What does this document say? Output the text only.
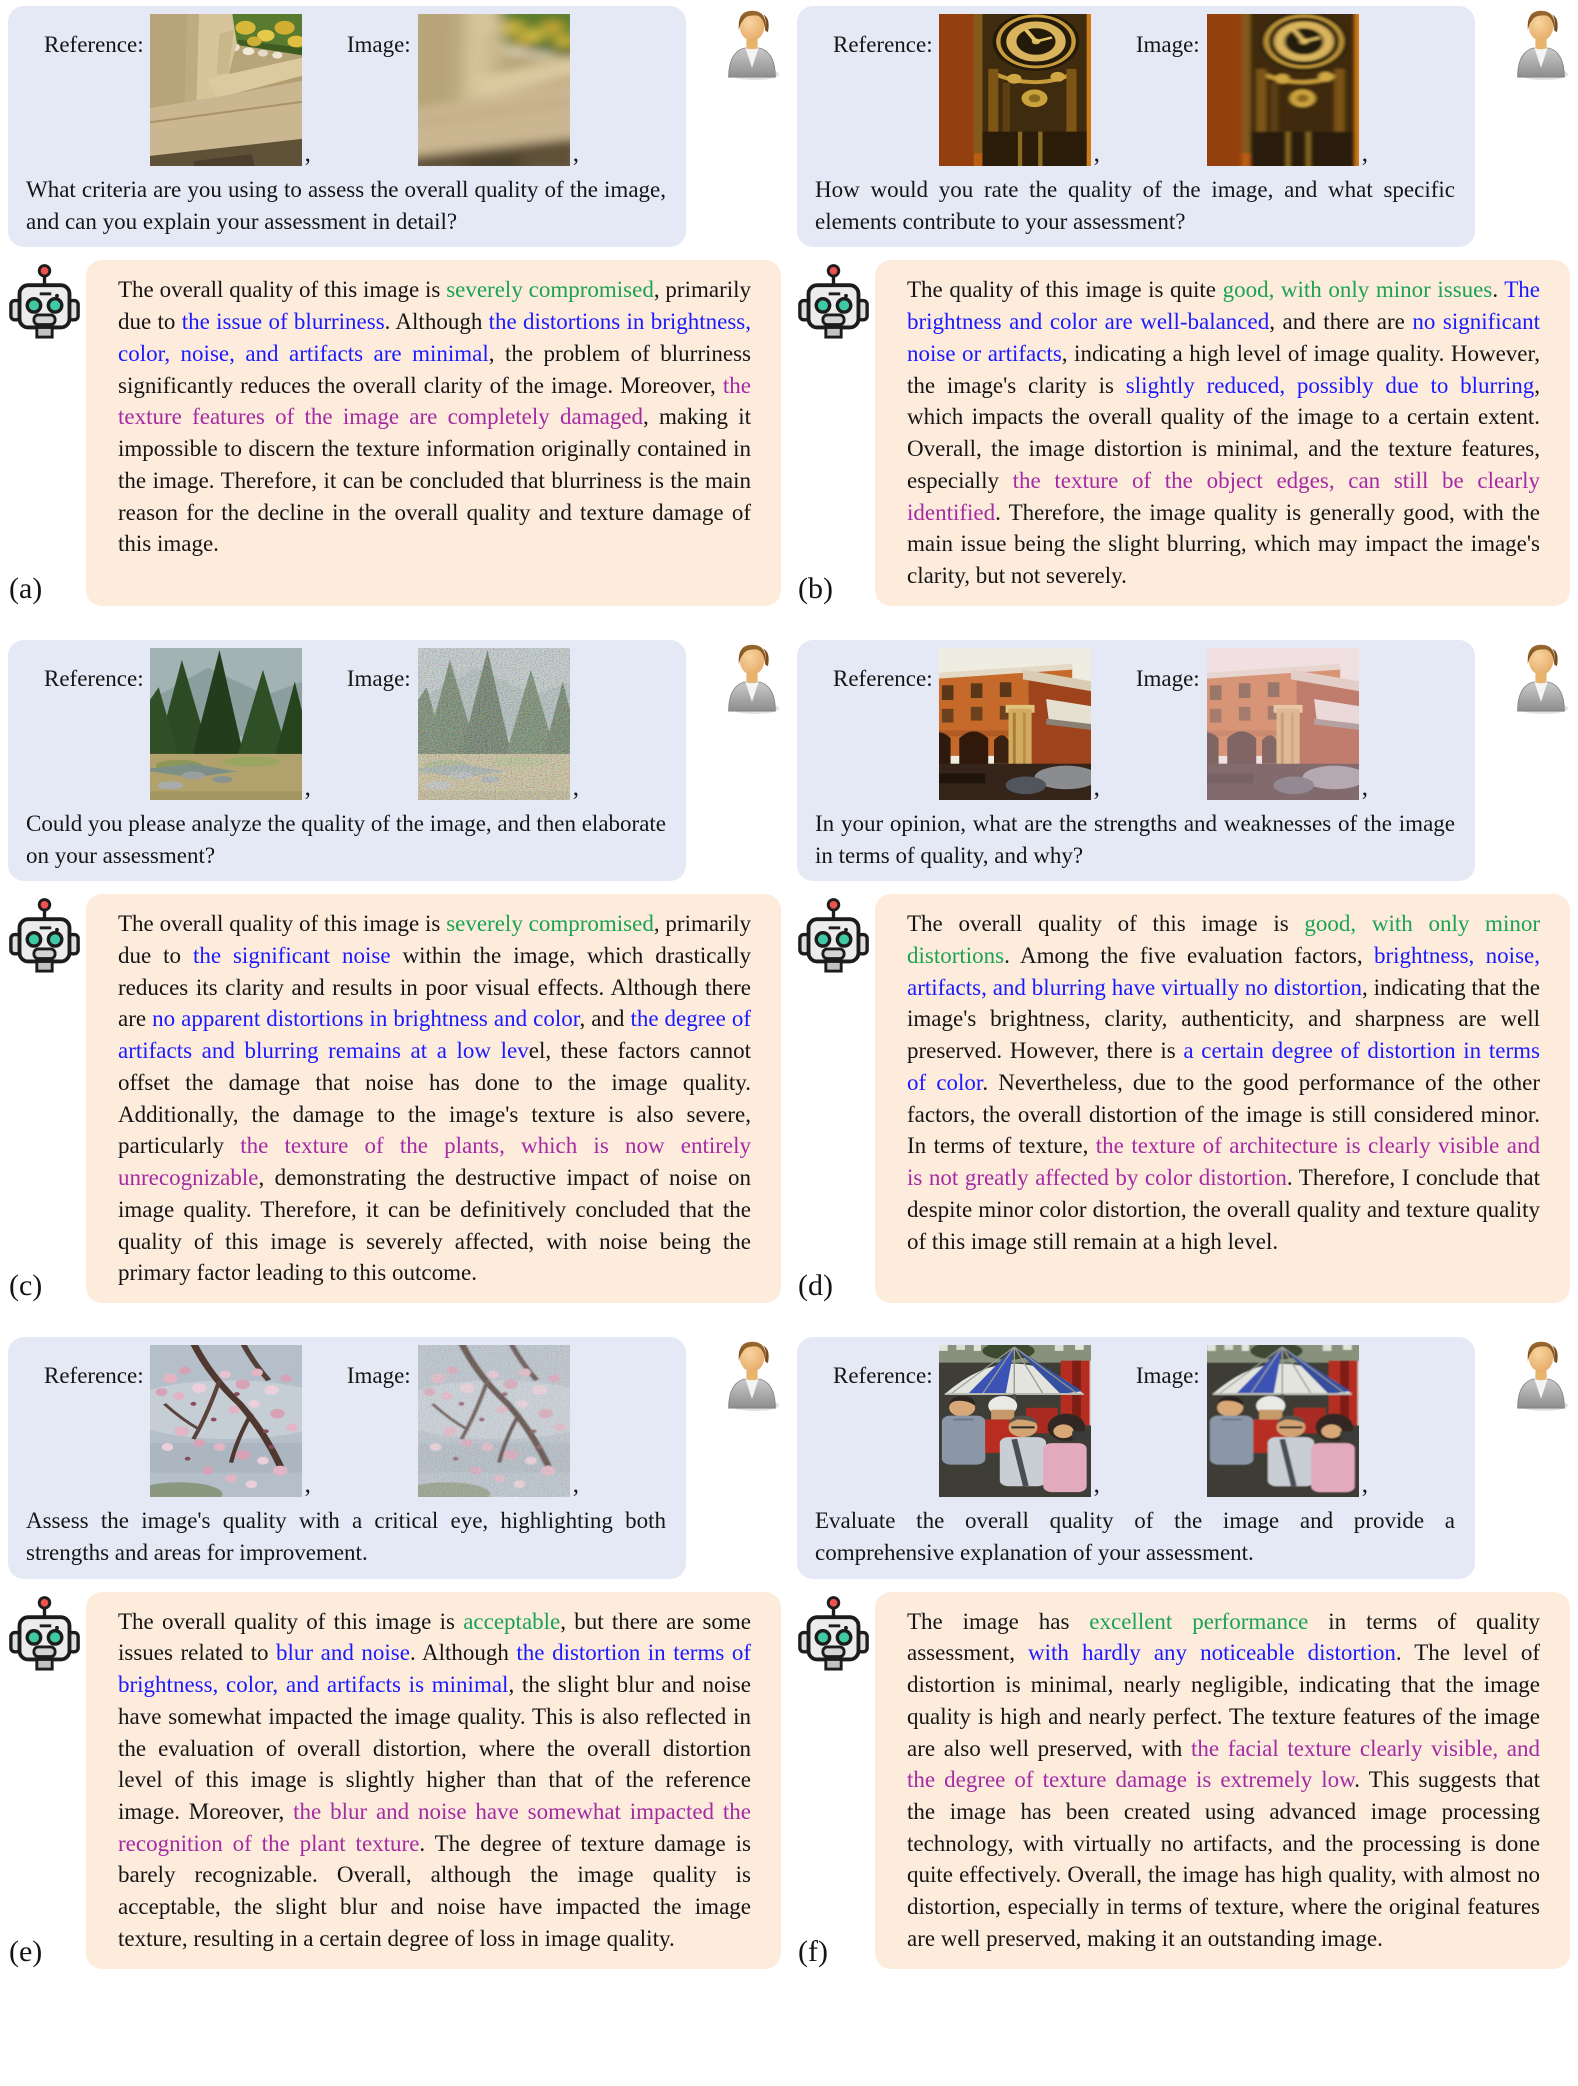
Reference:
,
Image:
,

What criteria are you using to assess the overall quality of the image, and can you explain your assessment in detail?

(a)

The overall quality of this image is severely compromised, primarily due to the issue of blurriness. Although the distortions in brightness, color, noise, and artifacts are minimal, the problem of blurriness significantly reduces the overall clarity of the image. Moreover, the texture features of the image are completely damaged, making it impossible to discern the texture information originally contained in the image. Therefore, it can be concluded that blurriness is the main reason for the decline in the overall quality and texture damage of this image.

Reference:
,
Image:
,

How would you rate the quality of the image, and what specific elements contribute to your assessment?

(b)

The quality of this image is quite good, with only minor issues. The brightness and color are well-balanced, and there are no significant noise or artifacts, indicating a high level of image quality. However, the image's clarity is slightly reduced, possibly due to blurring, which impacts the overall quality of the image to a certain extent. Overall, the image distortion is minimal, and the texture features, especially the texture of the object edges, can still be clearly identified. Therefore, the image quality is generally good, with the main issue being the slight blurring, which may impact the image's clarity, but not severely.

Reference:
,
Image:
,

Could you please analyze the quality of the image, and then elaborate on your assessment?

(c)

The overall quality of this image is severely compromised, primarily due to the significant noise within the image, which drastically reduces its clarity and results in poor visual effects. Although there are no apparent distortions in brightness and color, and the degree of artifacts and blurring remains at a low level, these factors cannot offset the damage that noise has done to the image quality. Additionally, the damage to the image's texture is also severe, particularly the texture of the plants, which is now entirely unrecognizable, demonstrating the destructive impact of noise on image quality. Therefore, it can be definitively concluded that the quality of this image is severely affected, with noise being the primary factor leading to this outcome.

Reference:
,
Image:
,

In your opinion, what are the strengths and weaknesses of the image in terms of quality, and why?

(d)

The overall quality of this image is good, with only minor distortions. Among the five evaluation factors, brightness, noise, artifacts, and blurring have virtually no distortion, indicating that the image's brightness, clarity, authenticity, and sharpness are well preserved. However, there is a certain degree of distortion in terms of color. Nevertheless, due to the good performance of the other factors, the overall distortion of the image is still considered minor. In terms of texture, the texture of architecture is clearly visible and is not greatly affected by color distortion. Therefore, I conclude that despite minor color distortion, the overall quality and texture quality of this image still remain at a high level.

Reference:
,
Image:
,

Assess the image's quality with a critical eye, highlighting both strengths and areas for improvement.

(e)

The overall quality of this image is acceptable, but there are some issues related to blur and noise. Although the distortion in terms of brightness, color, and artifacts is minimal, the slight blur and noise have somewhat impacted the image quality. This is also reflected in the evaluation of overall distortion, where the overall distortion level of this image is slightly higher than that of the reference image. Moreover, the blur and noise have somewhat impacted the recognition of the plant texture. The degree of texture damage is barely recognizable. Overall, although the image quality is acceptable, the slight blur and noise have impacted the image texture, resulting in a certain degree of loss in image quality.

Reference:
,
Image:
,

Evaluate the overall quality of the image and provide a comprehensive explanation of your assessment.

(f)

The image has excellent performance in terms of quality assessment, with hardly any noticeable distortion. The level of distortion is minimal, nearly negligible, indicating that the image quality is high and nearly perfect. The texture features of the image are also well preserved, with the facial texture clearly visible, and the degree of texture damage is extremely low. This suggests that the image has been created using advanced image processing technology, with virtually no artifacts, and the processing is done quite effectively. Overall, the image has high quality, with almost no distortion, especially in terms of texture, where the original features are well preserved, making it an outstanding image.
